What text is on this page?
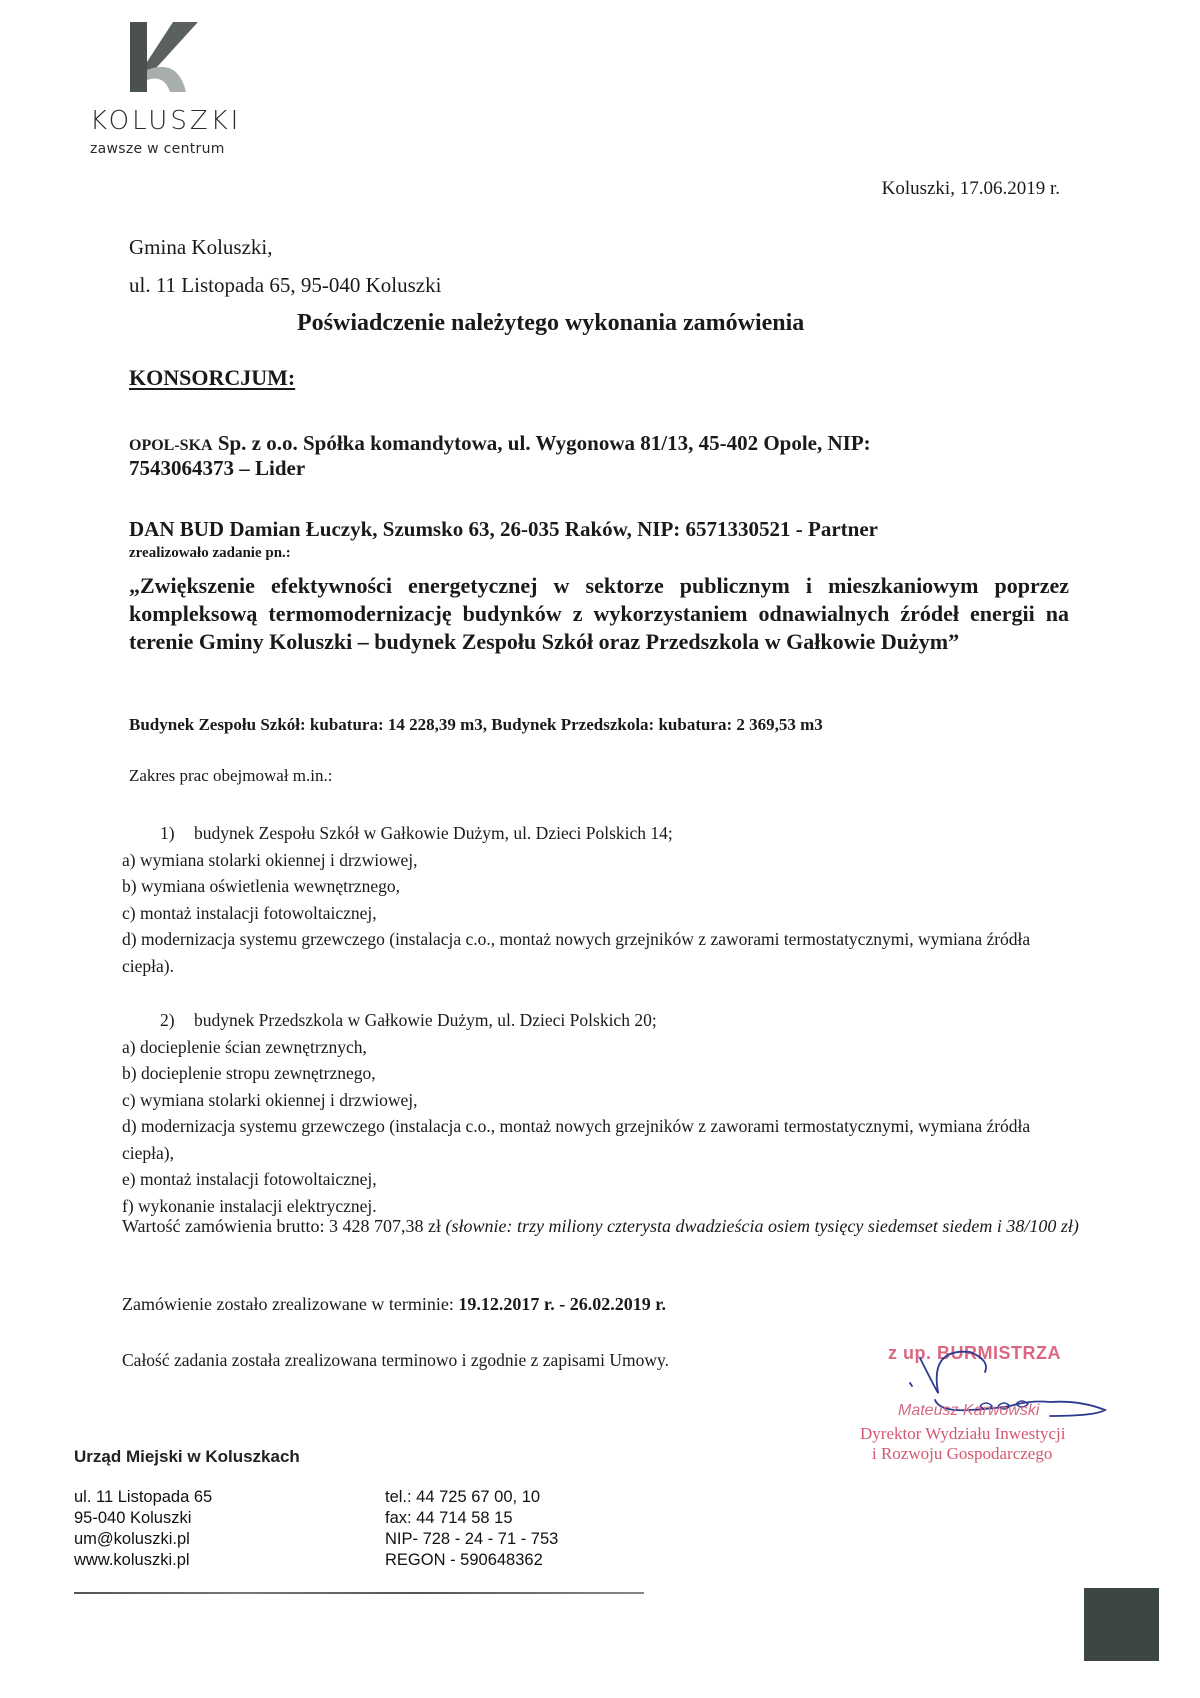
KOLUSZKI
zawsze w centrum
Koluszki, 17.06.2019 r.
Gmina Koluszki,
ul. 11 Listopada 65, 95-040 Koluszki
Poświadczenie należytego wykonania zamówienia
KONSORCJUM:
OPOL-SKA Sp. z o.o. Spółka komandytowa, ul. Wygonowa 81/13, 45-402 Opole, NIP:
7543064373 – Lider
DAN BUD Damian Łuczyk, Szumsko 63, 26-035 Raków, NIP: 6571330521 - Partner
zrealizowało zadanie pn.:
„Zwiększenie efektywności energetycznej w sektorze publicznym i mieszkaniowym poprzez kompleksową termomodernizację budynków z wykorzystaniem odnawialnych źródeł energii na terenie Gminy Koluszki – budynek Zespołu Szkół oraz Przedszkola w Gałkowie Dużym”
Budynek Zespołu Szkół: kubatura: 14 228,39 m3, Budynek Przedszkola: kubatura: 2 369,53 m3
Zakres prac obejmował m.in.:
1) budynek Zespołu Szkół w Gałkowie Dużym, ul. Dzieci Polskich 14;
a) wymiana stolarki okiennej i drzwiowej,
b) wymiana oświetlenia wewnętrznego,
c) montaż instalacji fotowoltaicznej,
d) modernizacja systemu grzewczego (instalacja c.o., montaż nowych grzejników z zaworami termostatycznymi, wymiana źródła ciepła).
2) budynek Przedszkola w Gałkowie Dużym, ul. Dzieci Polskich 20;
a) docieplenie ścian zewnętrznych,
b) docieplenie stropu zewnętrznego,
c) wymiana stolarki okiennej i drzwiowej,
d) modernizacja systemu grzewczego (instalacja c.o., montaż nowych grzejników z zaworami termostatycznymi, wymiana źródła ciepła),
e) montaż instalacji fotowoltaicznej,
f) wykonanie instalacji elektrycznej.
Wartość zamówienia brutto: 3 428 707,38 zł (słownie: trzy miliony czterysta dwadzieścia osiem tysięcy siedemset siedem i 38/100 zł)
Zamówienie zostało zrealizowane w terminie: 19.12.2017 r. - 26.02.2019 r.
Całość zadania została zrealizowana terminowo i zgodnie z zapisami Umowy.	z up. BURMISTRZA
Mateusz Karwowski
Dyrektor Wydziału Inwestycji
i Rozwoju Gospodarczego
Urząd Miejski w Koluszkach
ul. 11 Listopada 65
95-040 Koluszki
um@koluszki.pl
www.koluszki.pl
tel.: 44 725 67 00, 10
fax: 44 714 58 15
NIP- 728 - 24 - 71 - 753
REGON - 590648362
